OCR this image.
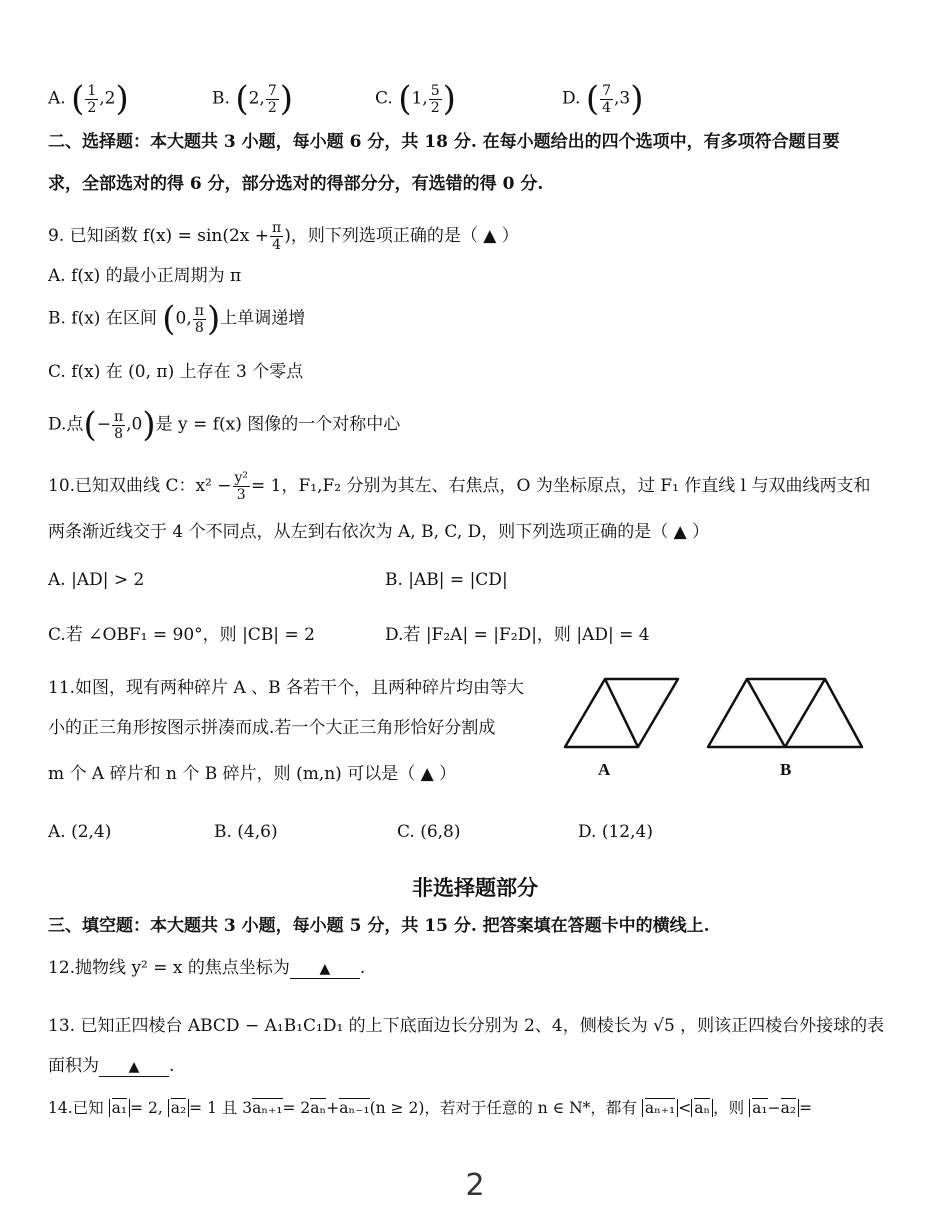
A. ( $\frac{1}{2} ,2$)	B. (2, $\frac{7}{2}$ )	C. (1, $\frac{5}{2}$ )	D. ( $\frac{7}{4} ,3$)
二、选择题：本大题共 3 小题，每小题 6 分，共 18 分. 在每小题给出的四个选项中，有多项符合题目要
求，全部选对的得 6 分，部分选对的得部分分，有选错的得 0 分.
9. 已知函数 $f(x) = \sin(2x + \frac{\pi}{4}$ )，则下列选项正确的是（ ▲ ）
A. f(x) 的最小正周期为 π
B. f(x) 在区间 (0, $\frac{\pi}{8}$ )上单调递增
C. f(x) 在 (0, π) 上存在 3 个零点
D.点(− $\frac{\pi}{8} ,0$)是 y = f(x) 图像的一个对称中心
10.已知双曲线 C：$x^2 - \frac{\text{y²}}{3} = 1$，F₁,F₂ 分别为其左、右焦点，O 为坐标原点，过 F₁ 作直线 l 与双曲线两支和
两条渐近线交于 4 个不同点，从左到右依次为 A, B, C, D，则下列选项正确的是（ ▲ ）
A. |AD| > 2	B. |AB| = |CD|
C.若 ∠OBF₁ = 90°，则 |CB| = 2	D.若 |F₂A| = |F₂D|，则 |AD| = 4
11.如图，现有两种碎片 A 、B 各若干个，且两种碎片均由等大
小的正三角形按图示拼凑而成.若一个大正三角形恰好分割成
m 个 A 碎片和 n 个 B 碎片，则 (m,n) 可以是（ ▲ ）	A	B
A. (2,4)	B. (4,6)	C. (6,8)	D. (12,4)
非选择题部分
三、填空题：本大题共 3 小题，每小题 5 分，共 15 分. 把答案填在答题卡中的横线上.
12.抛物线 y² = x 的焦点坐标为 ▲ .
13. 已知正四棱台 ABCD − A₁B₁C₁D₁ 的上下底面边长分别为 2、4，侧棱长为 √5 ，则该正四棱台外接球的表
面积为 ▲ .
14.已知 a₁ = 2, a₂ = 1 且 3aₙ₊₁= 2aₙ+aₙ₋₁(n ≥ 2)，若对于任意的 n ∈ N*，都有 aₙ₊₁ < aₙ ，则 a₁−a₂ =
2
